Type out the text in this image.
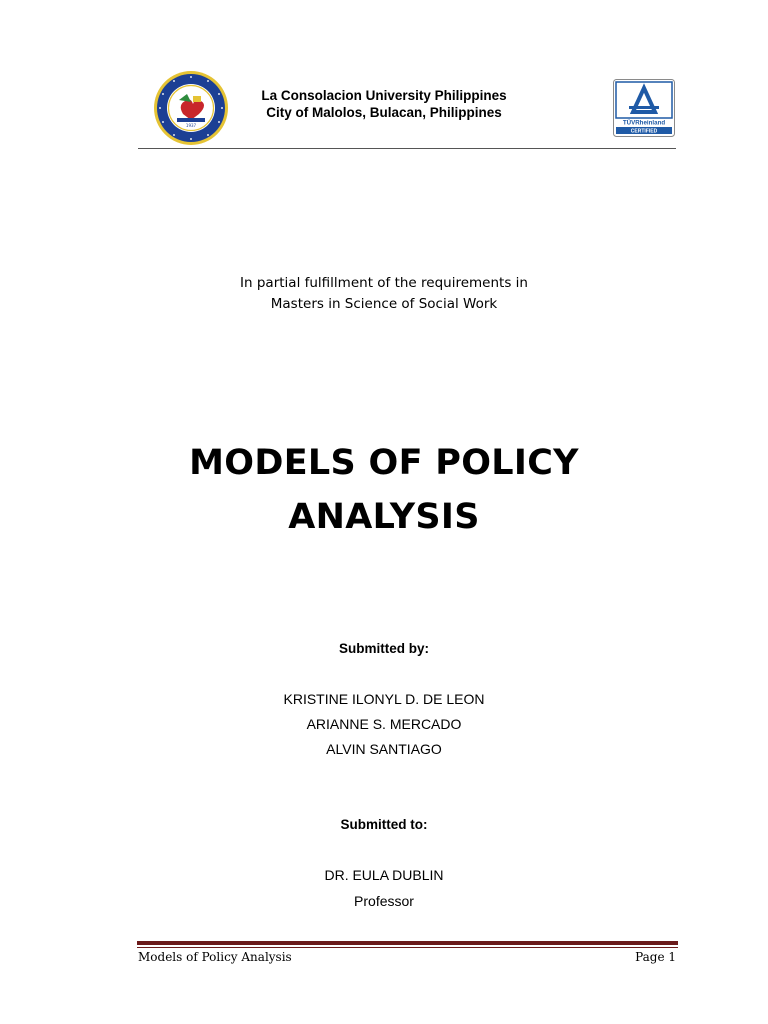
1937
La Consolacion University Philippines
City of Malolos, Bulacan, Philippines
TÜVRheinland
CERTIFIED
In partial fulfillment of the requirements in
Masters in Science of Social Work
MODELS OF POLICY
ANALYSIS
Submitted by:
KRISTINE ILONYL D. DE LEON
ARIANNE S. MERCADO
ALVIN SANTIAGO
Submitted to:
DR. EULA DUBLIN
Professor
Models of Policy Analysis	Page 1
